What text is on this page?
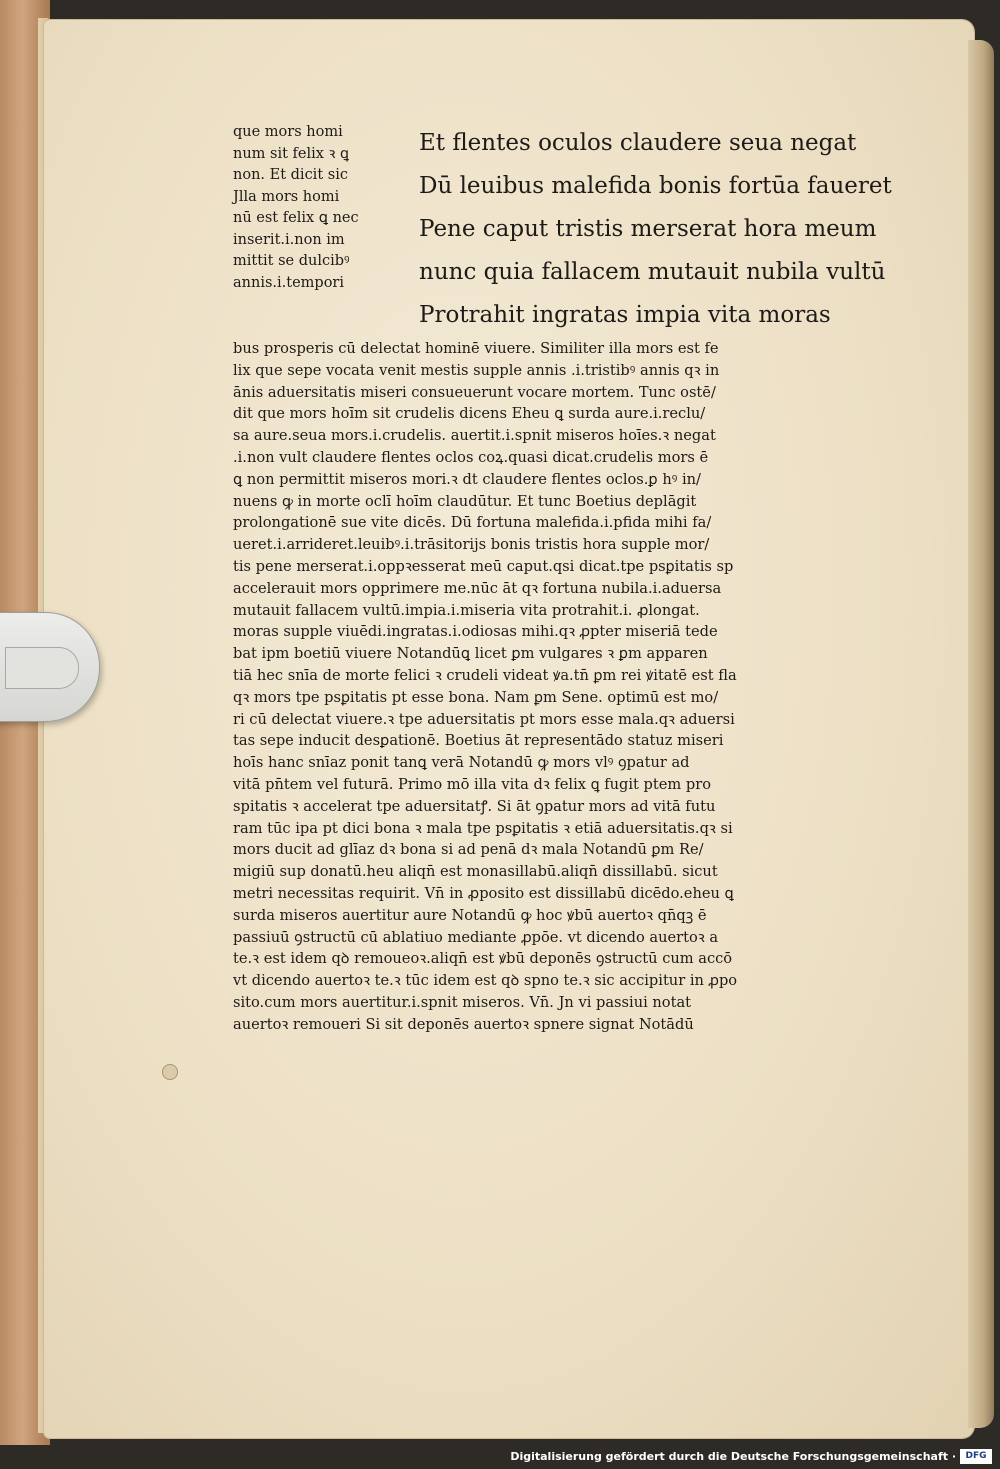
que mors homi
num sit felix ꝛ ꝗ
non. Et dicit sic
Jlla mors homi
nū est felix ꝗ nec
inserit.i.non im
mittit se dulcibꝰ
annis.i.tempori
Et flentes oculos claudere seua negat
Dū leuibus malefida bonis fortūa faueret
Pene caput tristis merserat hora meum
nunc quia fallacem mutauit nubila vultū
Protrahit ingratas impia vita moras
bus prosperis cū delectat hominē viuere. Similiter illa mors est fe
lix que sepe vocata venit mestis supple annis .i.tristibꝰ annis qꝛ in
ānis aduersitatis miseri consueuerunt vocare mortem. Tunc ostē/
dit que mors hoīm sit crudelis dicens Eheu ꝗ surda aure.i.reclu/
sa aure.seua mors.i.crudelis. auertit.i.spnit miseros hoīes.ꝛ negat
.i.non vult claudere flentes oclos coꝝ.quasi dicat.crudelis mors ē
ꝗ non permittit miseros mori.ꝛ dt claudere flentes oclos.ꝑ hꝰ in/
nuens ꝙ in morte oclī hoīm claudūtur. Et tunc Boetius deplāgit
prolongationē sue vite dicēs. Dū fortuna malefida.i.pfida mihi fa/
ueret.i.arrideret.leuibꝰ.i.trāsitorijs bonis tristis hora supple mor/
tis pene merserat.i.oppꝛesserat meū caput.qsi dicat.tpe psꝑitatis sp
accelerauit mors opprimere me.nūc āt qꝛ fortuna nubila.i.aduersa
mutauit fallacem vultū.impia.i.miseria vita protrahit.i. ꝓlongat.
moras supple viuēdi.ingratas.i.odiosas mihi.qꝛ ꝓpter miseriā tede
bat ipm boetiū viuere Notandūꝗ licet ꝑm vulgares ꝛ ꝑm apparen
tiā hec snīa de morte felici ꝛ crudeli videat ꝟa.tn̄ ꝑm rei ꝟitatē est fla
qꝛ mors tpe psꝑitatis pt esse bona. Nam ꝑm Sene. optimū est mo/
ri cū delectat viuere.ꝛ tpe aduersitatis pt mors esse mala.qꝛ aduersi
tas sepe inducit desꝑationē. Boetius āt representādo statuz miseri
hoīs hanc snīaz ponit tanꝗ verā Notandū ꝙ mors vlꝰ ꝯpatur ad
vitā pn̄tem vel futurā. Primo mō illa vita dꝛ felix ꝗ fugit ptem pro
spitatis ꝛ accelerat tpe aduersitatꝭ. Si āt ꝯpatur mors ad vitā futu
ram tūc ipa pt dici bona ꝛ mala tpe psꝑitatis ꝛ etiā aduersitatis.qꝛ si
mors ducit ad glīaz dꝛ bona si ad penā dꝛ mala Notandū ꝑm Re/
migiū sup donatū.heu aliqn̄ est monasillabū.aliqn̄ dissillabū. sicut
metri necessitas requirit. Vn̄ in ꝓposito est dissillabū dicēdo.eheu ꝗ
surda miseros auertitur aure Notandū ꝙ hoc ꝟbū auertoꝛ qn̄qꝫ ē
passiuū ꝯstructū cū ablatiuo mediante ꝓpōe. vt dicendo auertoꝛ a
te.ꝛ est idem qꝺ remoueoꝛ.aliqn̄ est ꝟbū deponēs ꝯstructū cum accō
vt dicendo auertoꝛ te.ꝛ tūc idem est qꝺ spno te.ꝛ sic accipitur in ꝓpo
sito.cum mors auertitur.i.spnit miseros. Vn̄. Jn vi passiui notat
auertoꝛ remoueri Si sit deponēs auertoꝛ spnere signat Notādū
Digitalisierung gefördert durch die Deutsche Forschungsgemeinschaft ·	DFG
